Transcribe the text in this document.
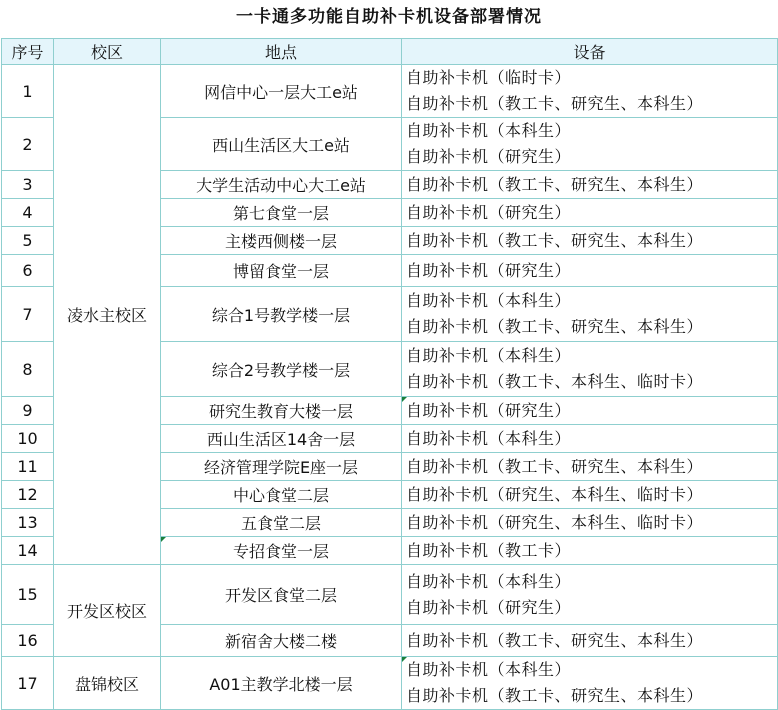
一卡通多功能自助补卡机设备部署情况
序号	校区	地点	设备
1	凌水主校区	网信中心一层大工e站	自助补卡机（临时卡）
自助补卡机（教工卡、研究生、本科生）

2		西山生活区大工e站	自助补卡机（本科生）
自助补卡机（研究生）

3		大学生活动中心大工e站	自助补卡机（教工卡、研究生、本科生）

4		第七食堂一层	自助补卡机（研究生）

5		主楼西侧楼一层	自助补卡机（教工卡、研究生、本科生）

6		博留食堂一层	自助补卡机（研究生）

7		综合1号教学楼一层	自助补卡机（本科生）
自助补卡机（教工卡、研究生、本科生）

8		综合2号教学楼一层	自助补卡机（本科生）
自助补卡机（教工卡、本科生、临时卡）

9		研究生教育大楼一层	自助补卡机（研究生）

10		西山生活区14舍一层	自助补卡机（本科生）

11		经济管理学院E座一层	自助补卡机（教工卡、研究生、本科生）

12		中心食堂二层	自助补卡机（研究生、本科生、临时卡）

13		五食堂二层	自助补卡机（研究生、本科生、临时卡）

14		专招食堂一层	自助补卡机（教工卡）

15	开发区校区	开发区食堂二层	自助补卡机（本科生）
自助补卡机（研究生）

16		新宿舍大楼二楼	自助补卡机（教工卡、研究生、本科生）

17	盘锦校区	A01主教学北楼一层	自助补卡机（本科生）
自助补卡机（教工卡、研究生、本科生）
